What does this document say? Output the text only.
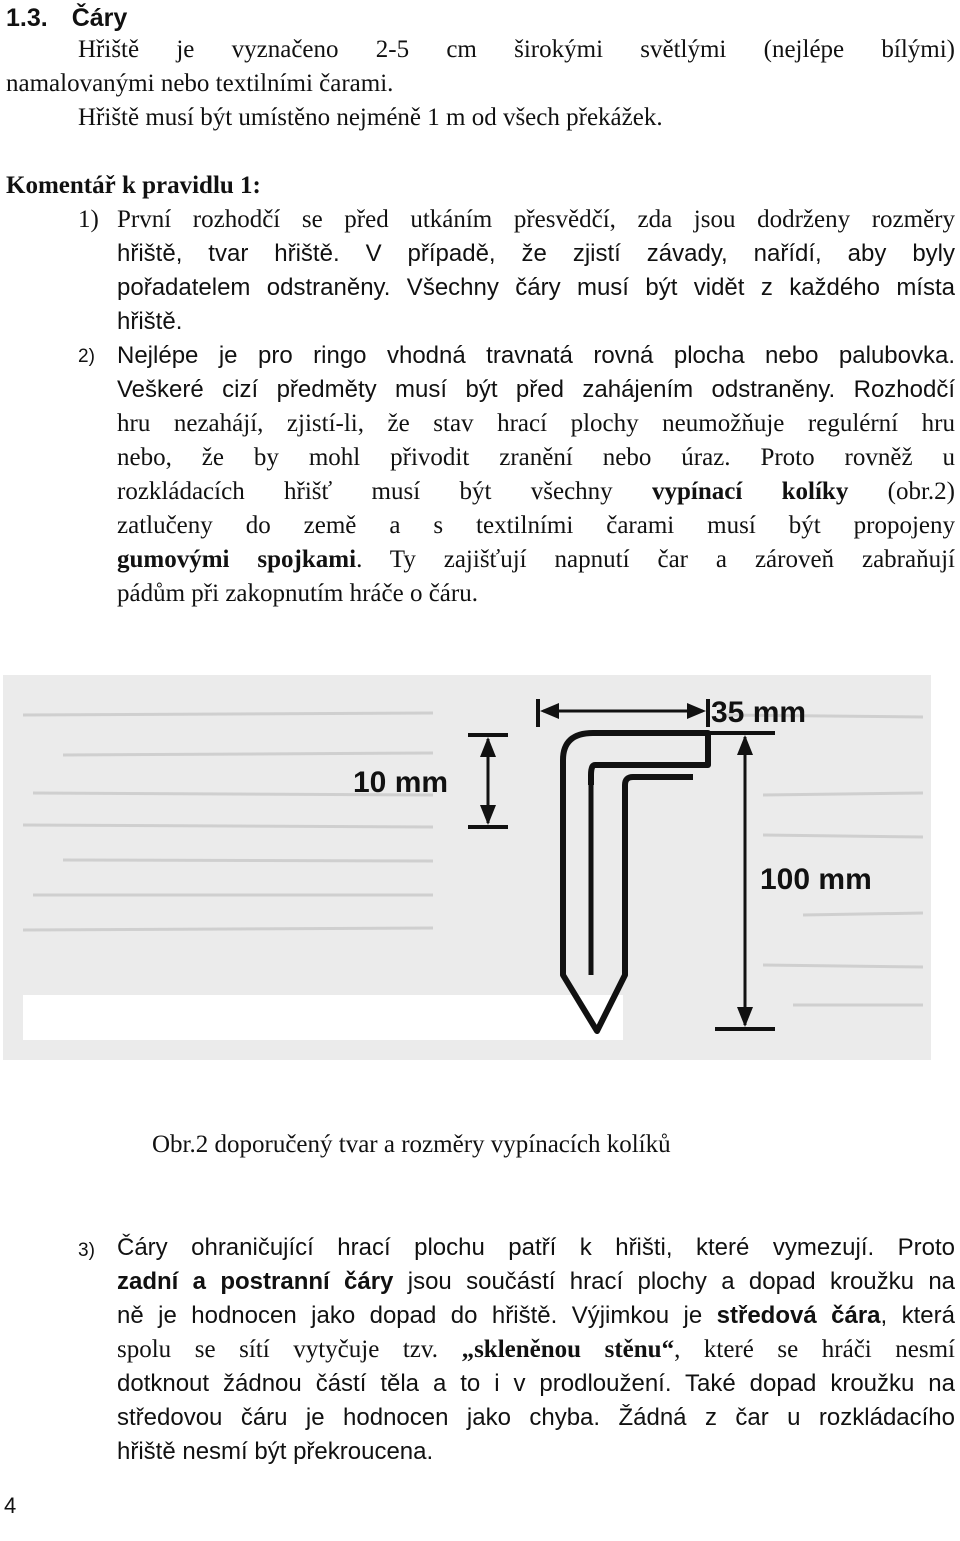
1.3. Čáry
Hřiště je vyznačeno 2-5 cm širokými světlými (nejlépe bílými)
namalovanými nebo textilními čarami.
Hřiště musí být umístěno nejméně 1 m od všech překážek.
Komentář k pravidlu 1:
1) První rozhodčí se před utkáním přesvědčí, zda jsou dodrženy rozměry
hřiště, tvar hřiště. V případě, že zjistí závady, nařídí, aby byly
pořadatelem odstraněny. Všechny čáry musí být vidět z každého místa
hřiště.
2) Nejlépe je pro ringo vhodná travnatá rovná plocha nebo palubovka.
Veškeré cizí předměty musí být před zahájením odstraněny. Rozhodčí
hru nezahájí, zjistí-li, že stav hrací plochy neumožňuje regulérní hru
nebo, že by mohl přivodit zranění nebo úraz. Proto rovněž u
rozkládacích hřišť musí být všechny vypínací kolíky (obr.2)
zatlučeny do země a s textilními čarami musí být propojeny
gumovými spojkami. Ty zajišťují napnutí čar a zároveň zabraňují
pádům při zakopnutím hráče o čáru.
35 mm
10 mm
100 mm
Obr.2 doporučený tvar a rozměry vypínacích kolíků
3) Čáry ohraničující hrací plochu patří k hřišti, které vymezují. Proto
zadní a postranní čáry jsou součástí hrací plochy a dopad kroužku na
ně je hodnocen jako dopad do hřiště. Výjimkou je středová čára, která
spolu se sítí vytyčuje tzv. „skleněnou stěnu“, které se hráči nesmí
dotknout žádnou částí těla a to i v prodloužení. Také dopad kroužku na
středovou čáru je hodnocen jako chyba. Žádná z čar u rozkládacího
hřiště nesmí být překroucena.
4
